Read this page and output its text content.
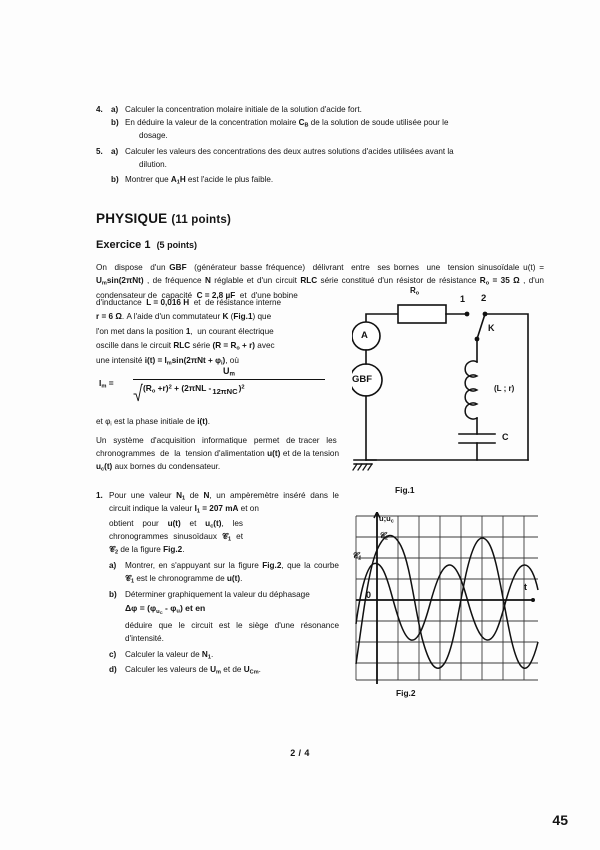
4.	a) Calculer la concentration molaire initiale de la solution d'acide fort.
b) En déduire la valeur de la concentration molaire $C_B$ de la solution de soude utilisée pour le
dosage.
5.	a) Calculer les valeurs des concentrations des deux autres solutions d'acides utilisées avant la
dilution.
b) Montrer que $A_1H$ est l'acide le plus faible.
PHYSIQUE (11 points)
Exercice 1 (5 points)
On  dispose  d'un GBF  (générateur basse fréquence)  délivrant  entre  ses bornes  une  tension sinusoïdale $u(t) = U_m\sin(2\pi Nt)$ , de fréquence N réglable et d'un circuit RLC série constitué d'un résistor de résistance $R_o = 35$ Ω , d'un condensateur de  capacité  C = 2,8 µF  et  d'une bobine

d'inductance  L = 0,016 H  et  de résistance interne

r = 6 Ω. A l'aide d'un commutateur K (Fig.1) que

l'on met dans la position 1,  un courant électrique

oscille dans le circuit RLC série $(R = R_o + r)$ avec

une intensité $i(t) = I_m\sin(2\pi Nt + \varphi_i)$, où

$I_m$ =
$U_m$
$(R_o +r)^2 + (2\pi NL$ -12πNC)$^2$

et $\varphi_i$ est la phase initiale de i(t).

Un  système  d'acquisition  informatique  permet  de tracer  les  chronogrammes  de  la  tension d'alimentation u(t) et de la tension $u_c(t)$ aux bornes du condensateur.

1. Pour une valeur $N_1$ de N, un ampèremètre inséré dans le circuit indique la valeur $I_1 = 207$ mA et on
obtient  pour  u(t)  et  $u_c(t)$,  les chronogrammes sinusoïdaux 𝒞$_1$ et 𝒞$_2$ de la figure Fig.2.
a)	Montrer, en s'appuyant sur la figure Fig.2, que la courbe 𝒞$_1$ est le chronogramme de u(t).
b)	Déterminer graphiquement la valeur du déphasage
$\Delta\varphi = (\varphi_{u_C} - \varphi_u)$ et en
déduire que le circuit est le siège d'une résonance d'intensité.
c)	Calculer la valeur de $N_1$.
d)	Calculer les valeurs de $U_m$ et de $U_{Cm}$.
$R_o$
1 2
K
A
GBF
(L ; r)
C
Fig.1
$u;u_c$
t
0
𝒞$_1$
𝒞$_2$
Fig.2
2 / 4
45
